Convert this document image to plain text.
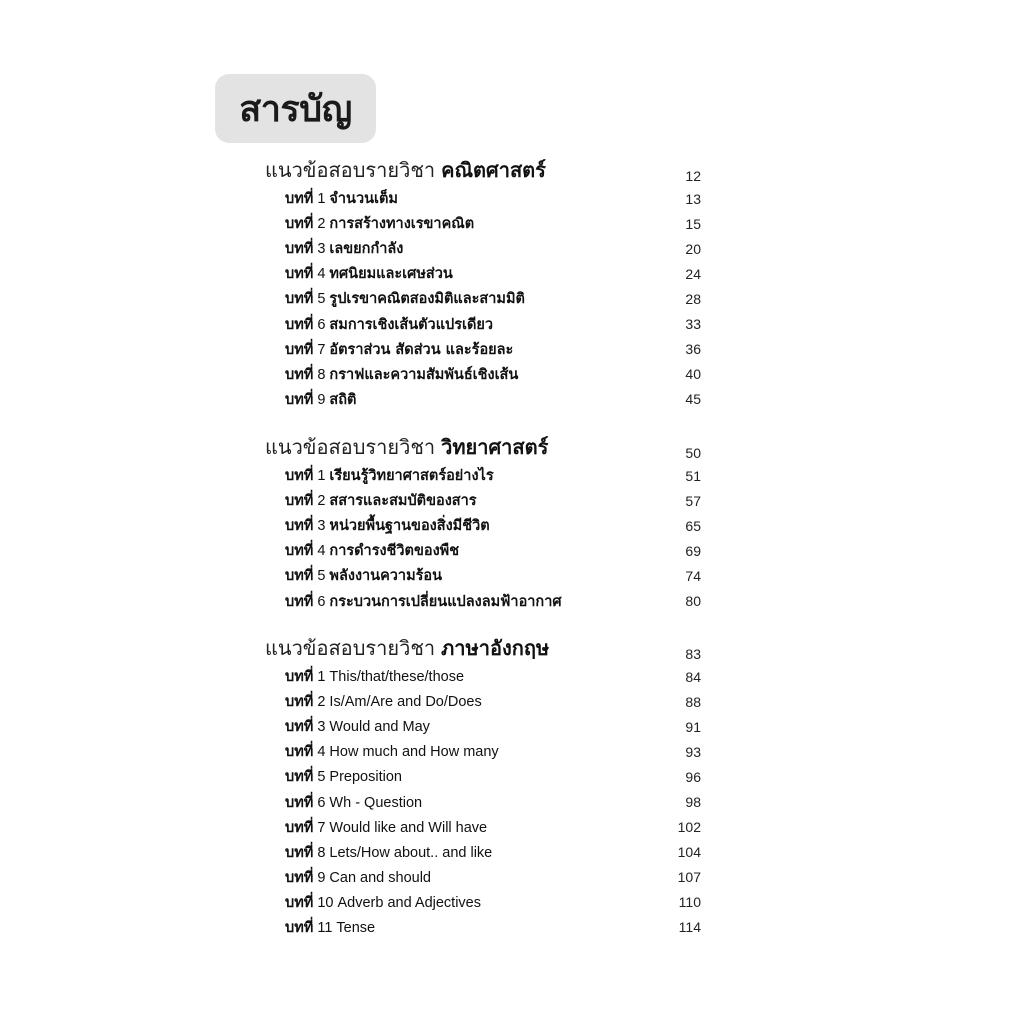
สารบัญ
แนวข้อสอบรายวิชา คณิตศาสตร์	12
บทที่ 1 จำนวนเต็ม	13
บทที่ 2 การสร้างทางเรขาคณิต	15
บทที่ 3 เลขยกกำลัง	20
บทที่ 4 ทศนิยมและเศษส่วน	24
บทที่ 5 รูปเรขาคณิตสองมิติและสามมิติ	28
บทที่ 6 สมการเชิงเส้นตัวแปรเดียว	33
บทที่ 7 อัตราส่วน สัดส่วน และร้อยละ	36
บทที่ 8 กราฟและความสัมพันธ์เชิงเส้น	40
บทที่ 9 สถิติ	45
แนวข้อสอบรายวิชา วิทยาศาสตร์	50
บทที่ 1 เรียนรู้วิทยาศาสตร์อย่างไร	51
บทที่ 2 สสารและสมบัติของสาร	57
บทที่ 3 หน่วยพื้นฐานของสิ่งมีชีวิต	65
บทที่ 4 การดำรงชีวิตของพืช	69
บทที่ 5 พลังงานความร้อน	74
บทที่ 6 กระบวนการเปลี่ยนแปลงลมฟ้าอากาศ	80
แนวข้อสอบรายวิชา ภาษาอังกฤษ	83
บทที่ 1 This/that/these/those	84
บทที่ 2 Is/Am/Are and Do/Does	88
บทที่ 3 Would and May	91
บทที่ 4 How much and How many	93
บทที่ 5 Preposition	96
บทที่ 6 Wh - Question	98
บทที่ 7 Would like and Will have	102
บทที่ 8 Lets/How about.. and like	104
บทที่ 9 Can and should	107
บทที่ 10 Adverb and Adjectives	110
บทที่ 11 Tense	114
